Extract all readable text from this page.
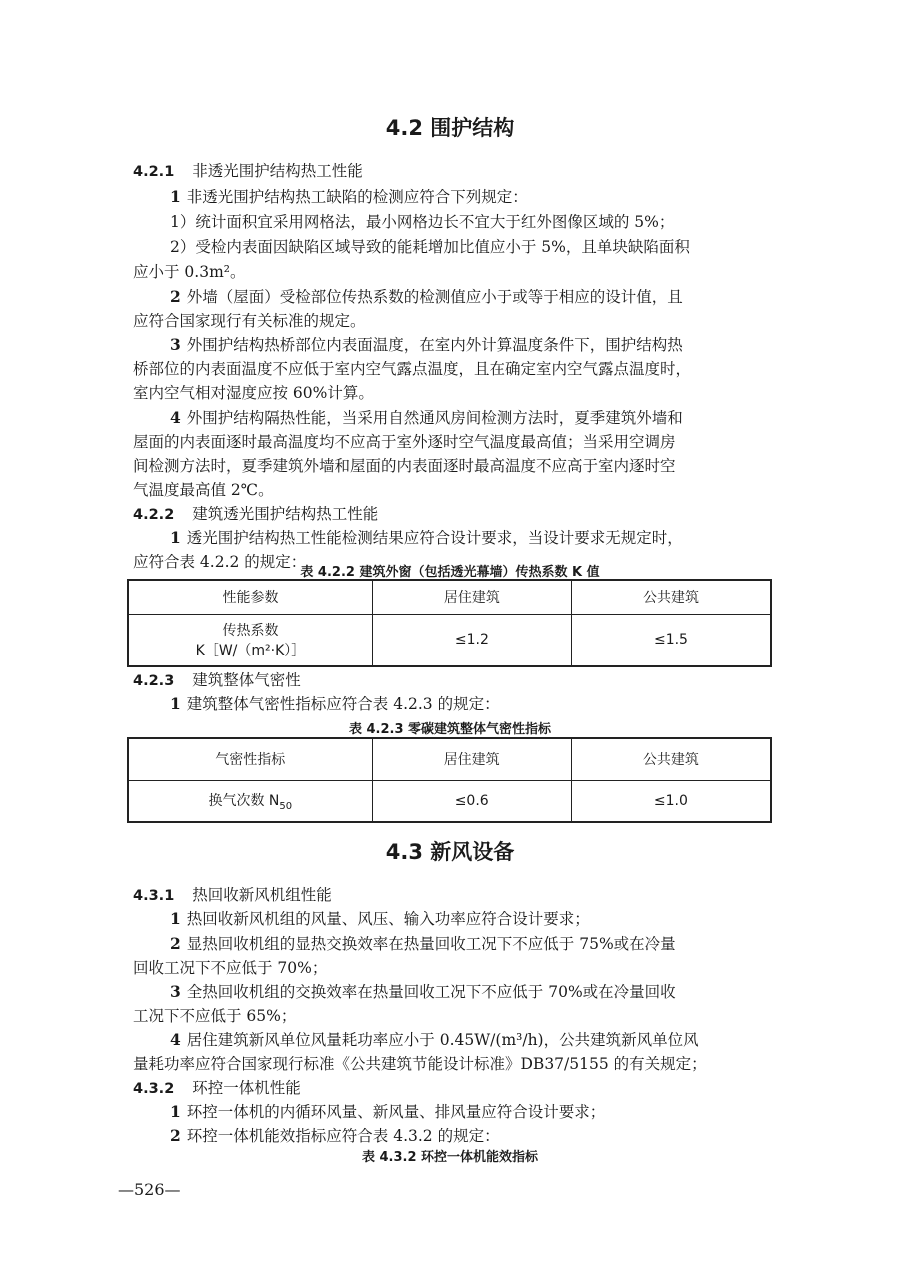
4.2 围护结构
4.2.1 非透光围护结构热工性能
1 非透光围护结构热工缺陷的检测应符合下列规定：
1）统计面积宜采用网格法，最小网格边长不宜大于红外图像区域的 5%；
2）受检内表面因缺陷区域导致的能耗增加比值应小于 5%，且单块缺陷面积
应小于 0.3m²。
2 外墙（屋面）受检部位传热系数的检测值应小于或等于相应的设计值，且
应符合国家现行有关标准的规定。
3 外围护结构热桥部位内表面温度，在室内外计算温度条件下，围护结构热
桥部位的内表面温度不应低于室内空气露点温度，且在确定室内空气露点温度时，
室内空气相对湿度应按 60%计算。
4 外围护结构隔热性能，当采用自然通风房间检测方法时，夏季建筑外墙和
屋面的内表面逐时最高温度均不应高于室外逐时空气温度最高值；当采用空调房
间检测方法时，夏季建筑外墙和屋面的内表面逐时最高温度不应高于室内逐时空
气温度最高值 2℃。
4.2.2 建筑透光围护结构热工性能
1 透光围护结构热工性能检测结果应符合设计要求，当设计要求无规定时，
应符合表 4.2.2 的规定：
表 4.2.2 建筑外窗（包括透光幕墙）传热系数 K 值
性能参数	居住建筑	公共建筑

传热系数
K［W/（m²·K）］	≤1.2	≤1.5
4.2.3 建筑整体气密性
1 建筑整体气密性指标应符合表 4.2.3 的规定：
表 4.2.3 零碳建筑整体气密性指标
气密性指标	居住建筑	公共建筑
换气次数 $N_{50}$	≤0.6	≤1.0
4.3 新风设备
4.3.1 热回收新风机组性能
1 热回收新风机组的风量、风压、输入功率应符合设计要求；
2 显热回收机组的显热交换效率在热量回收工况下不应低于 75%或在冷量
回收工况下不应低于 70%；
3 全热回收机组的交换效率在热量回收工况下不应低于 70%或在冷量回收
工况下不应低于 65%；
4 居住建筑新风单位风量耗功率应小于 0.45W/(m³/h)，公共建筑新风单位风
量耗功率应符合国家现行标准《公共建筑节能设计标准》DB37/5155 的有关规定；
4.3.2 环控一体机性能
1 环控一体机的内循环风量、新风量、排风量应符合设计要求；
2 环控一体机能效指标应符合表 4.3.2 的规定：
表 4.3.2 环控一体机能效指标
—526—
